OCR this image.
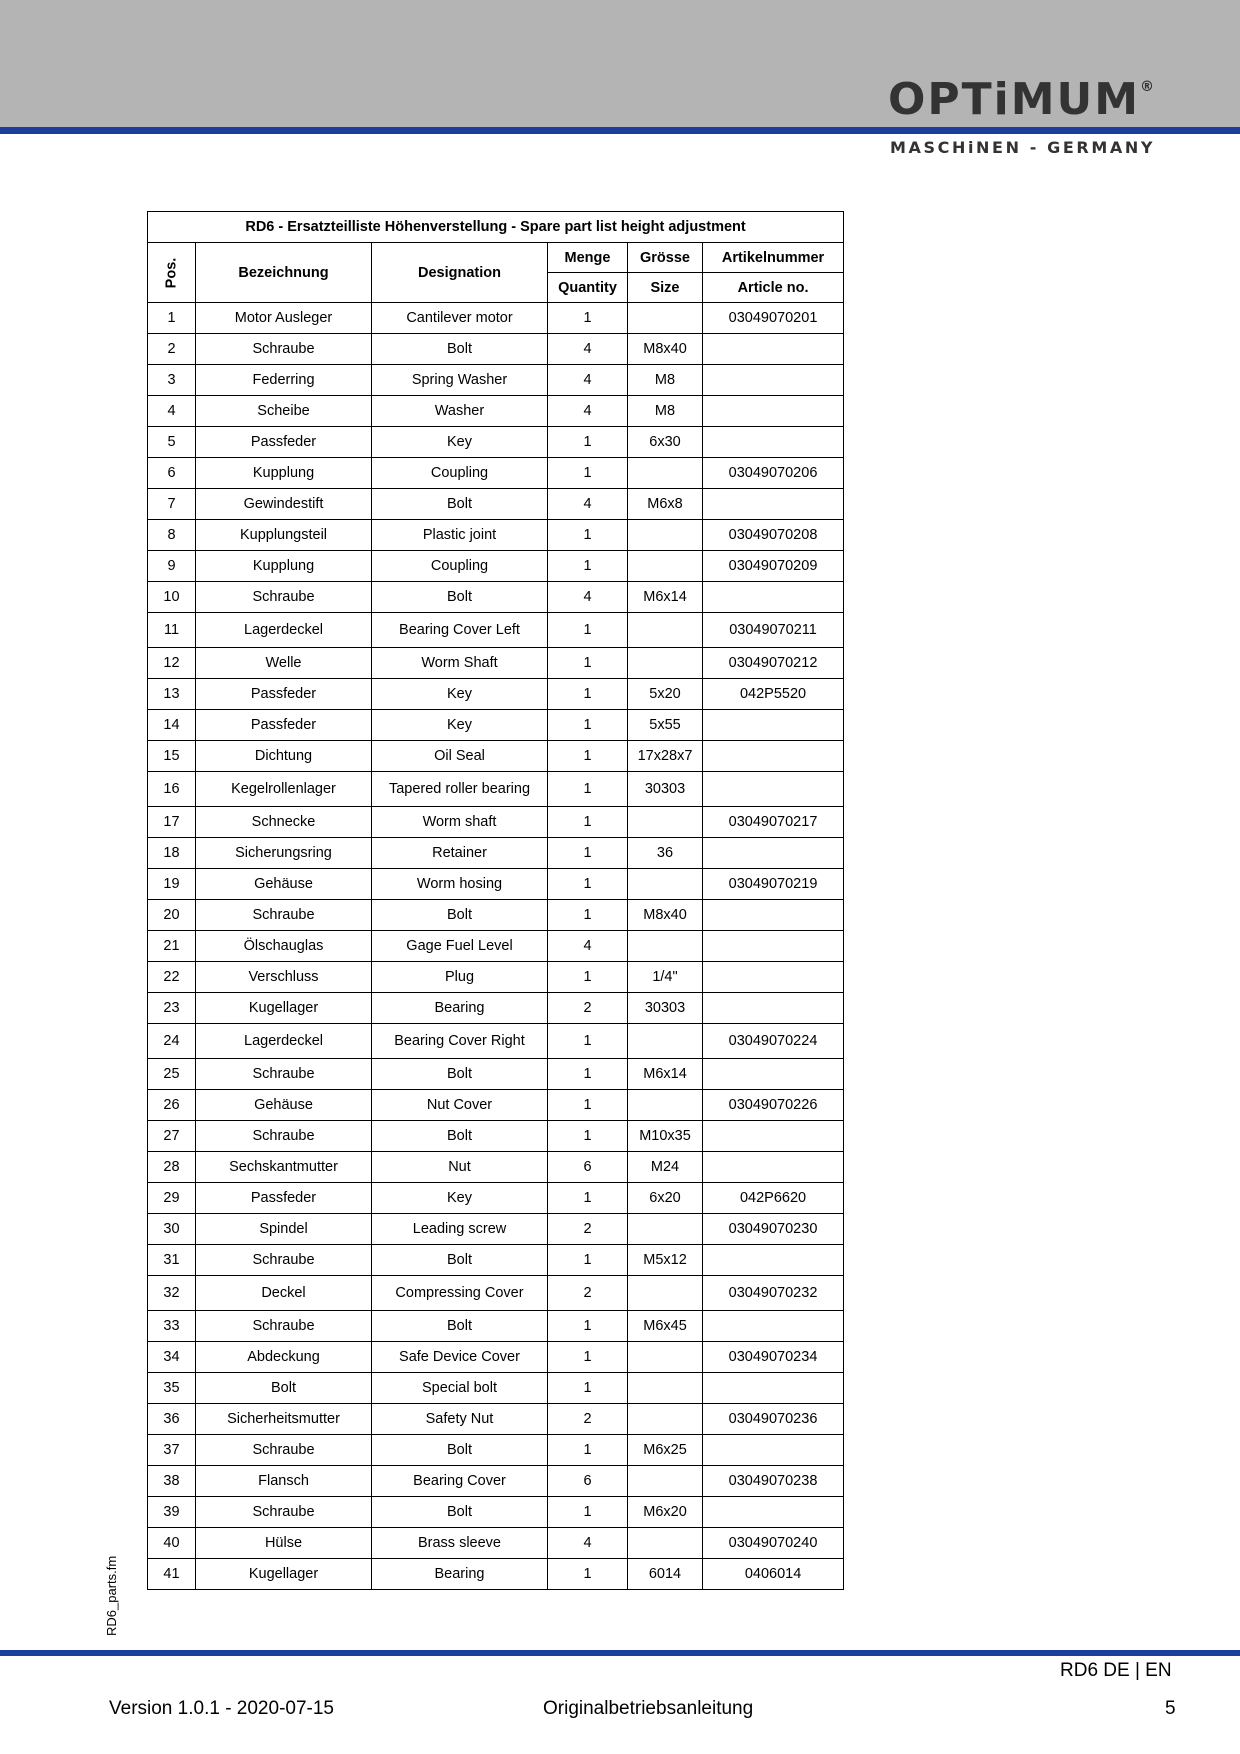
OPTiMUM®
MASCHiNEN - GERMANY
RD6 - Ersatzteilliste Höhenverstellung - Spare part list height adjustment					
Pos.	Bezeichnung	Designation	Menge	Grösse	Artikelnummer
			Quantity	Size	Article no.
1	Motor Ausleger	Cantilever motor	1		03049070201
2	Schraube	Bolt	4	M8x40	
3	Federring	Spring Washer	4	M8	
4	Scheibe	Washer	4	M8	
5	Passfeder	Key	1	6x30	
6	Kupplung	Coupling	1		03049070206
7	Gewindestift	Bolt	4	M6x8	
8	Kupplungsteil	Plastic joint	1		03049070208
9	Kupplung	Coupling	1		03049070209
10	Schraube	Bolt	4	M6x14	
11	Lagerdeckel	Bearing Cover Left	1		03049070211
12	Welle	Worm Shaft	1		03049070212
13	Passfeder	Key	1	5x20	042P5520
14	Passfeder	Key	1	5x55	
15	Dichtung	Oil Seal	1	17x28x7	
16	Kegelrollenlager	Tapered roller bearing	1	30303	
17	Schnecke	Worm shaft	1		03049070217
18	Sicherungsring	Retainer	1	36	
19	Gehäuse	Worm hosing	1		03049070219
20	Schraube	Bolt	1	M8x40	
21	Ölschauglas	Gage Fuel Level	4		
22	Verschluss	Plug	1	1/4"	
23	Kugellager	Bearing	2	30303	
24	Lagerdeckel	Bearing Cover Right	1		03049070224
25	Schraube	Bolt	1	M6x14	
26	Gehäuse	Nut Cover	1		03049070226
27	Schraube	Bolt	1	M10x35	
28	Sechskantmutter	Nut	6	M24	
29	Passfeder	Key	1	6x20	042P6620
30	Spindel	Leading screw	2		03049070230
31	Schraube	Bolt	1	M5x12	
32	Deckel	Compressing Cover	2		03049070232
33	Schraube	Bolt	1	M6x45	
34	Abdeckung	Safe Device Cover	1		03049070234
35	Bolt	Special bolt	1		
36	Sicherheitsmutter	Safety Nut	2		03049070236
37	Schraube	Bolt	1	M6x25	
38	Flansch	Bearing Cover	6		03049070238
39	Schraube	Bolt	1	M6x20	
40	Hülse	Brass sleeve	4		03049070240
41	Kugellager	Bearing	1	6014	0406014
RD6_parts.fm
RD6 DE | EN
Version 1.0.1 - 2020-07-15	Originalbetriebsanleitung	5
